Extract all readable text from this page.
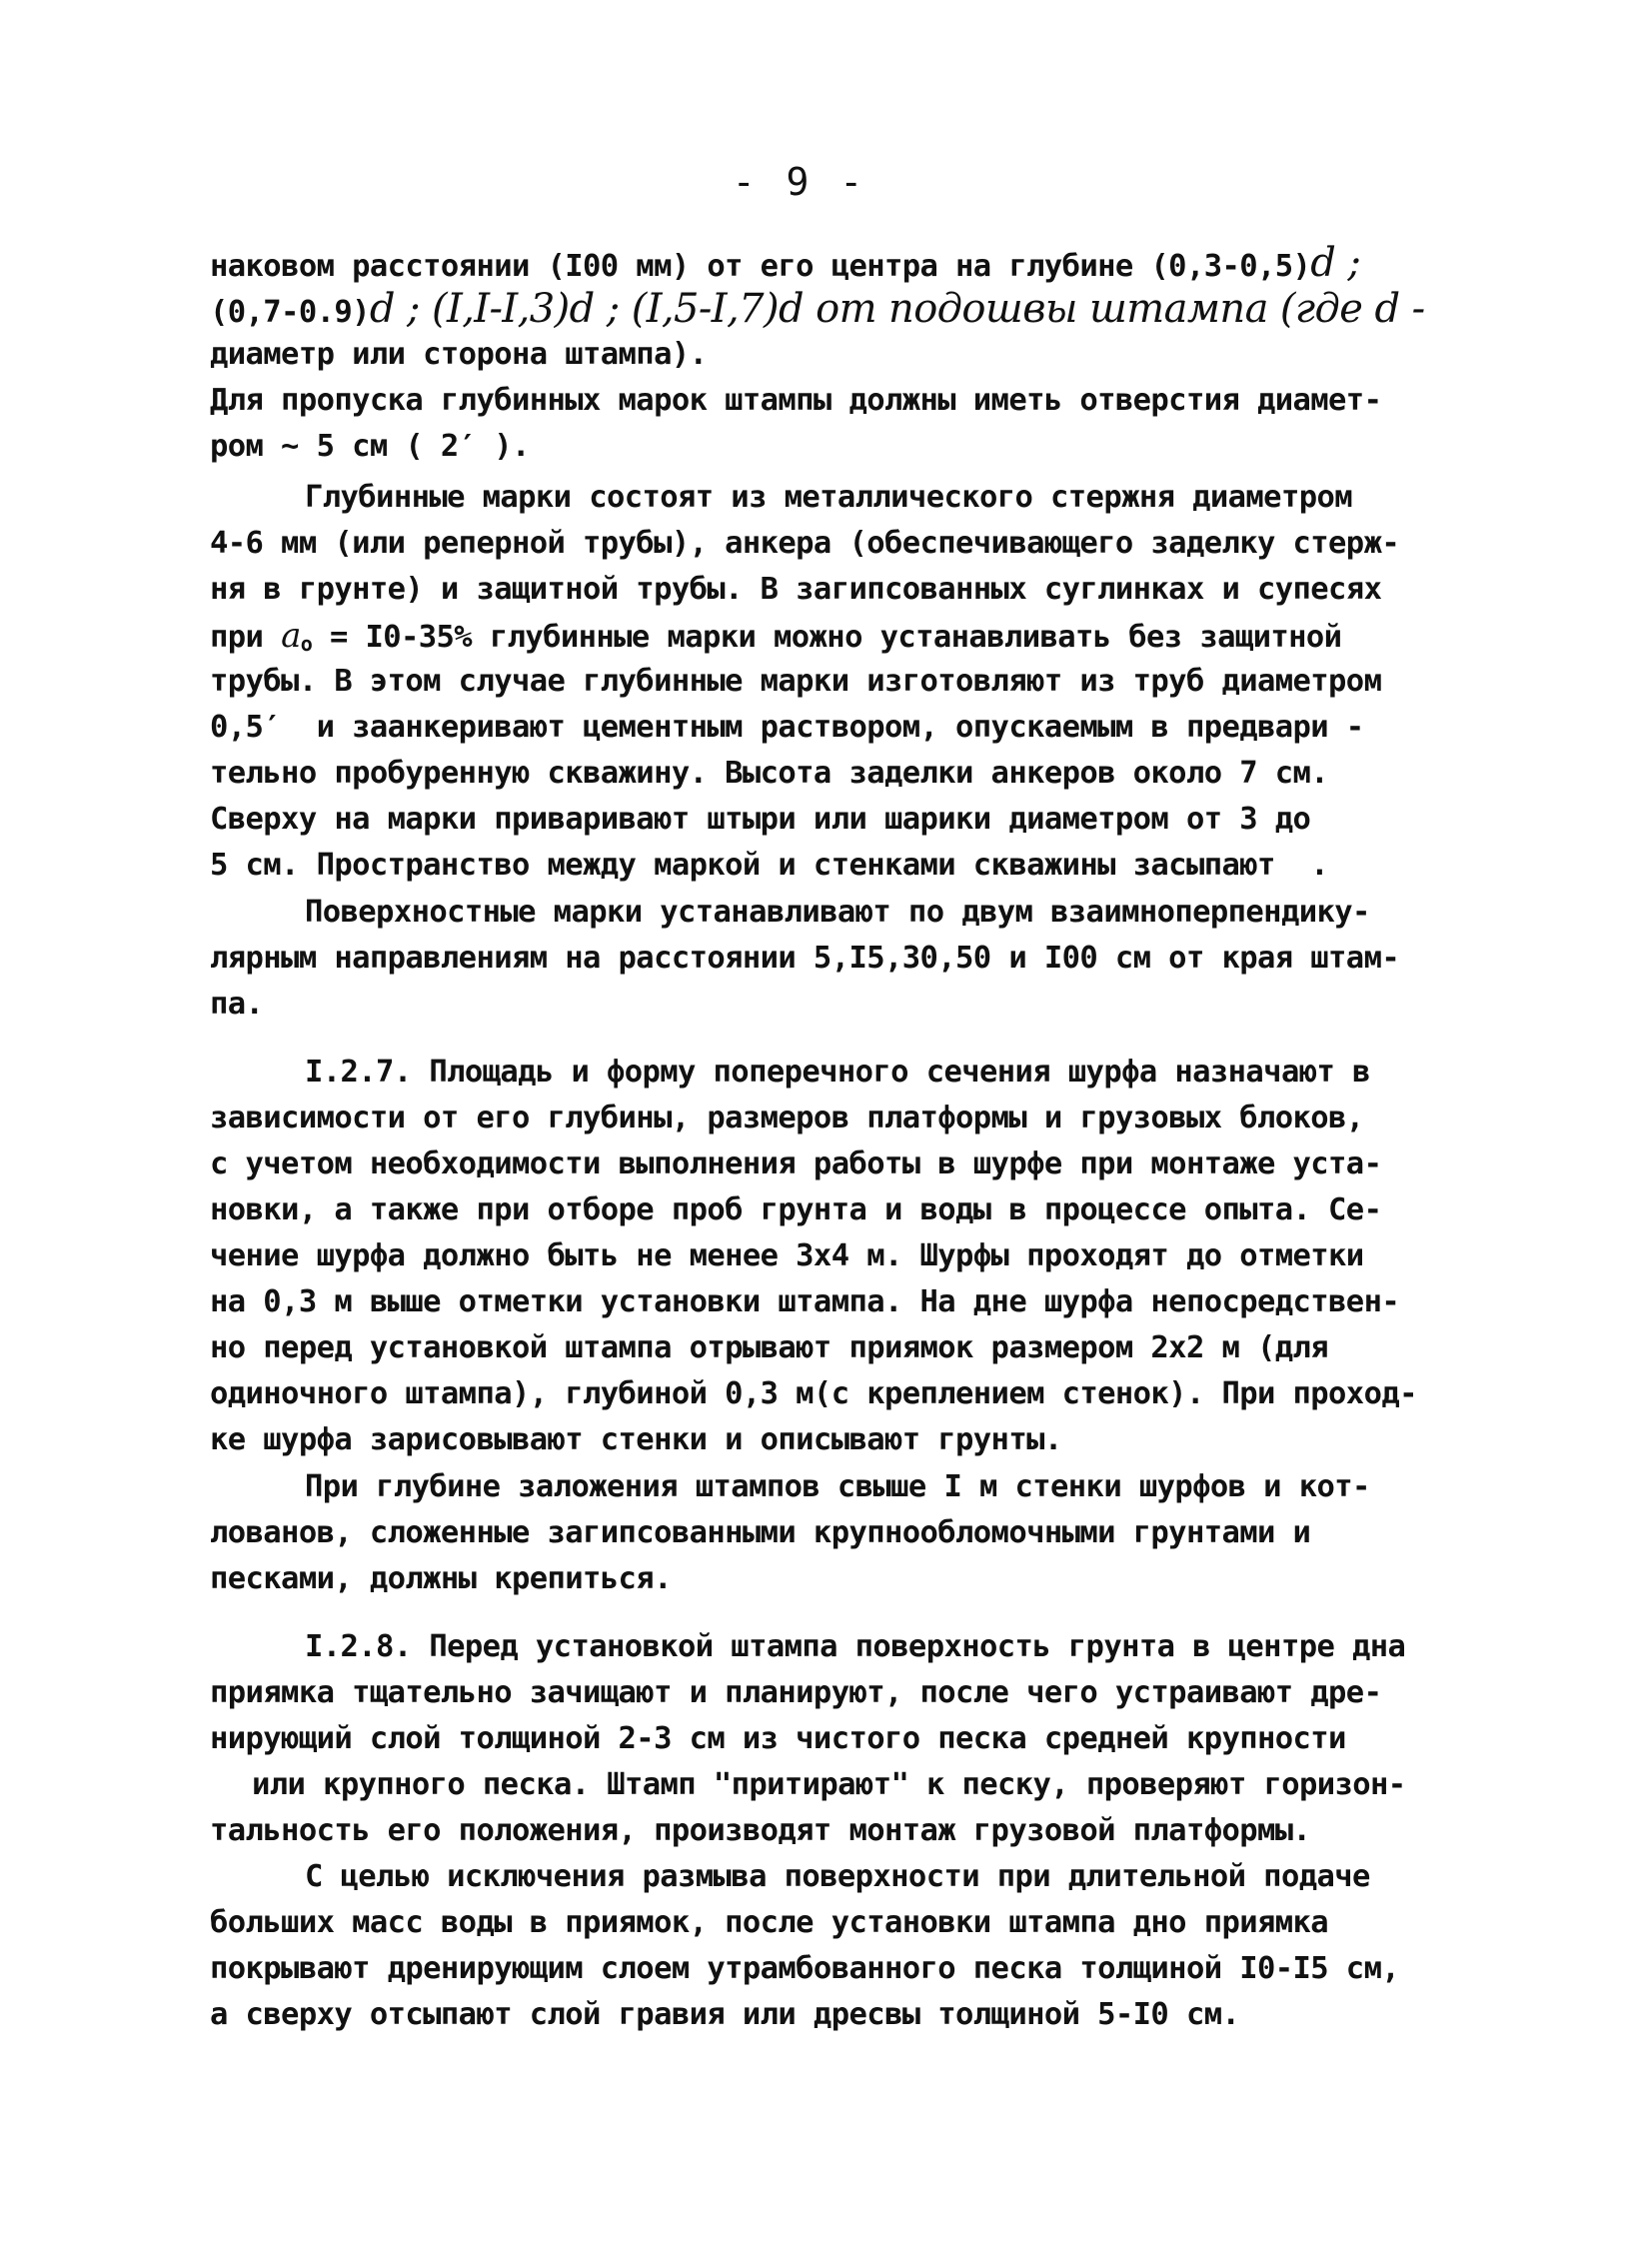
- 9 -
наковом расстоянии (I00 мм) от его центра на глубине (0,3-0,5)d ;
(0,7-0.9)d ; (I,I-I,3)d ; (I,5-I,7)d от подошвы штампа (где d -
диаметр или сторона штампа).
Для пропуска глубинных марок штампы должны иметь отверстия диамет-
ром ~ 5 см ( 2′ ).
Глубинные марки состоят из металлического стержня диаметром
4-6 мм (или реперной трубы), анкера (обеспечивающего заделку стерж-
ня в грунте) и защитной трубы. В загипсованных суглинках и супесях
при $a_o = I0-35\%$ глубинные марки можно устанавливать без защитной
трубы. В этом случае глубинные марки изготовляют из труб диаметром
0,5′  и заанкеривают цементным раствором, опускаемым в предвари -
тельно пробуренную скважину. Высота заделки анкеров около 7 см.
Сверху на марки приваривают штыри или шарики диаметром от 3 до
5 см. Пространство между маркой и стенками скважины засыпают  .
Поверхностные марки устанавливают по двум взаимноперпендику-
лярным направлениям на расстоянии 5,I5,30,50 и I00 см от края штам-
па.
I.2.7. Площадь и форму поперечного сечения шурфа назначают в
зависимости от его глубины, размеров платформы и грузовых блоков,
с учетом необходимости выполнения работы в шурфе при монтаже уста-
новки, а также при отборе проб грунта и воды в процессе опыта. Се-
чение шурфа должно быть не менее 3х4 м. Шурфы проходят до отметки
на 0,3 м выше отметки установки штампа. На дне шурфа непосредствен-
но перед установкой штампа отрывают приямок размером 2х2 м (для
одиночного штампа), глубиной 0,3 м(с креплением стенок). При проход-
ке шурфа зарисовывают стенки и описывают грунты.
При глубине заложения штампов свыше I м стенки шурфов и кот-
лованов, сложенные загипсованными крупнообломочными грунтами и
песками, должны крепиться.
I.2.8. Перед установкой штампа поверхность грунта в центре дна
приямка тщательно зачищают и планируют, после чего устраивают дре-
нирующий слой толщиной 2-3 см из чистого песка средней крупности
или крупного песка. Штамп "притирают" к песку, проверяют горизон-
тальность его положения, производят монтаж грузовой платформы.
С целью исключения размыва поверхности при длительной подаче
больших масс воды в приямок, после установки штампа дно приямка
покрывают дренирующим слоем утрамбованного песка толщиной I0-I5 см,
а сверху отсыпают слой гравия или дресвы толщиной 5-I0 см.
